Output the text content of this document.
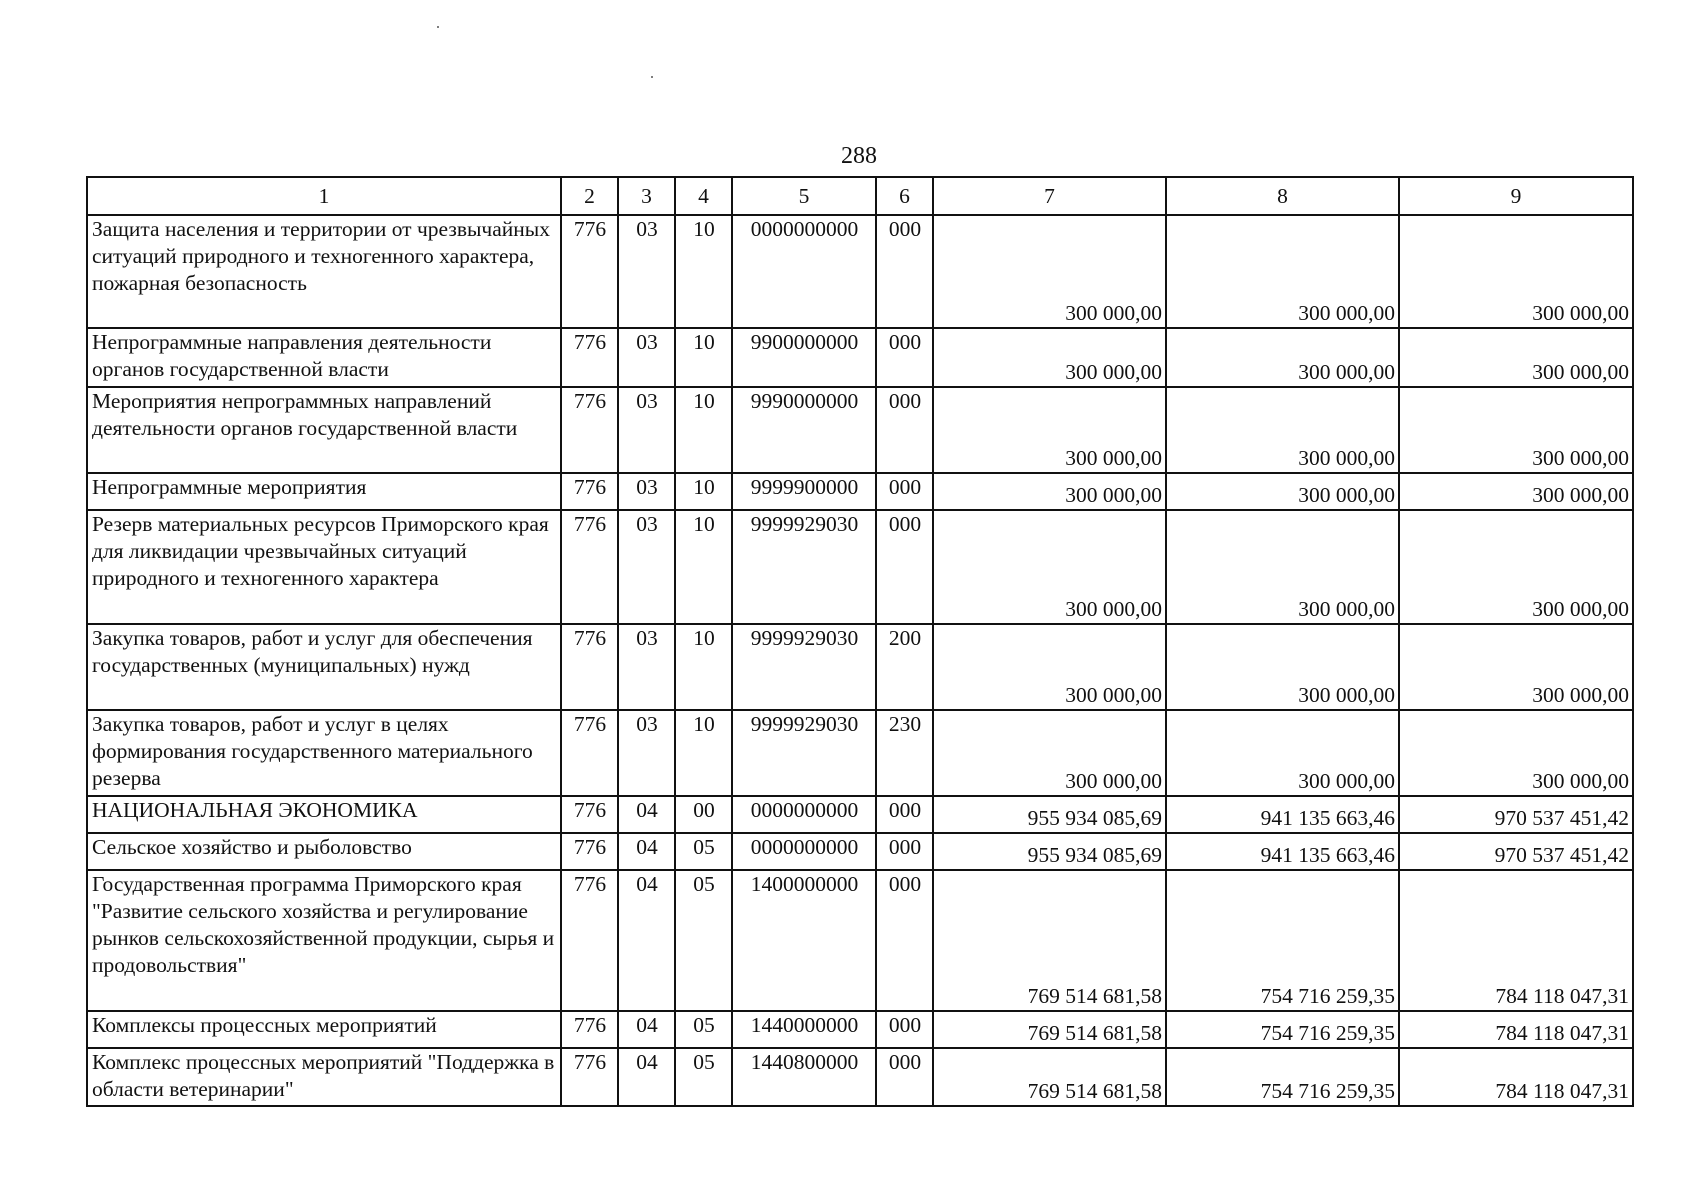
288
1	2	3	4	5	6	7	8	9
Защита населения и территории от чрезвычайных ситуаций природного и техногенного характера, пожарная безопасность	776	03	10	0000000000	000	300 000,00	300 000,00	300 000,00
Непрограммные направления деятельности органов государственной власти	776	03	10	9900000000	000	300 000,00	300 000,00	300 000,00
Мероприятия непрограммных направлений деятельности органов государственной власти	776	03	10	9990000000	000	300 000,00	300 000,00	300 000,00
Непрограммные мероприятия	776	03	10	9999900000	000	300 000,00	300 000,00	300 000,00
Резерв материальных ресурсов Приморского края для ликвидации чрезвычайных ситуаций природного и техногенного характера	776	03	10	9999929030	000	300 000,00	300 000,00	300 000,00
Закупка товаров, работ и услуг для обеспечения государственных (муниципальных) нужд	776	03	10	9999929030	200	300 000,00	300 000,00	300 000,00
Закупка товаров, работ и услуг в целях формирования государственного материального резерва	776	03	10	9999929030	230	300 000,00	300 000,00	300 000,00
НАЦИОНАЛЬНАЯ ЭКОНОМИКА	776	04	00	0000000000	000	955 934 085,69	941 135 663,46	970 537 451,42
Сельское хозяйство и рыболовство	776	04	05	0000000000	000	955 934 085,69	941 135 663,46	970 537 451,42
Государственная программа Приморского края "Развитие сельского хозяйства и регулирование рынков сельскохозяйственной продукции, сырья и продовольствия"	776	04	05	1400000000	000	769 514 681,58	754 716 259,35	784 118 047,31
Комплексы процессных мероприятий	776	04	05	1440000000	000	769 514 681,58	754 716 259,35	784 118 047,31
Комплекс процессных мероприятий "Поддержка в области ветеринарии"	776	04	05	1440800000	000	769 514 681,58	754 716 259,35	784 118 047,31
